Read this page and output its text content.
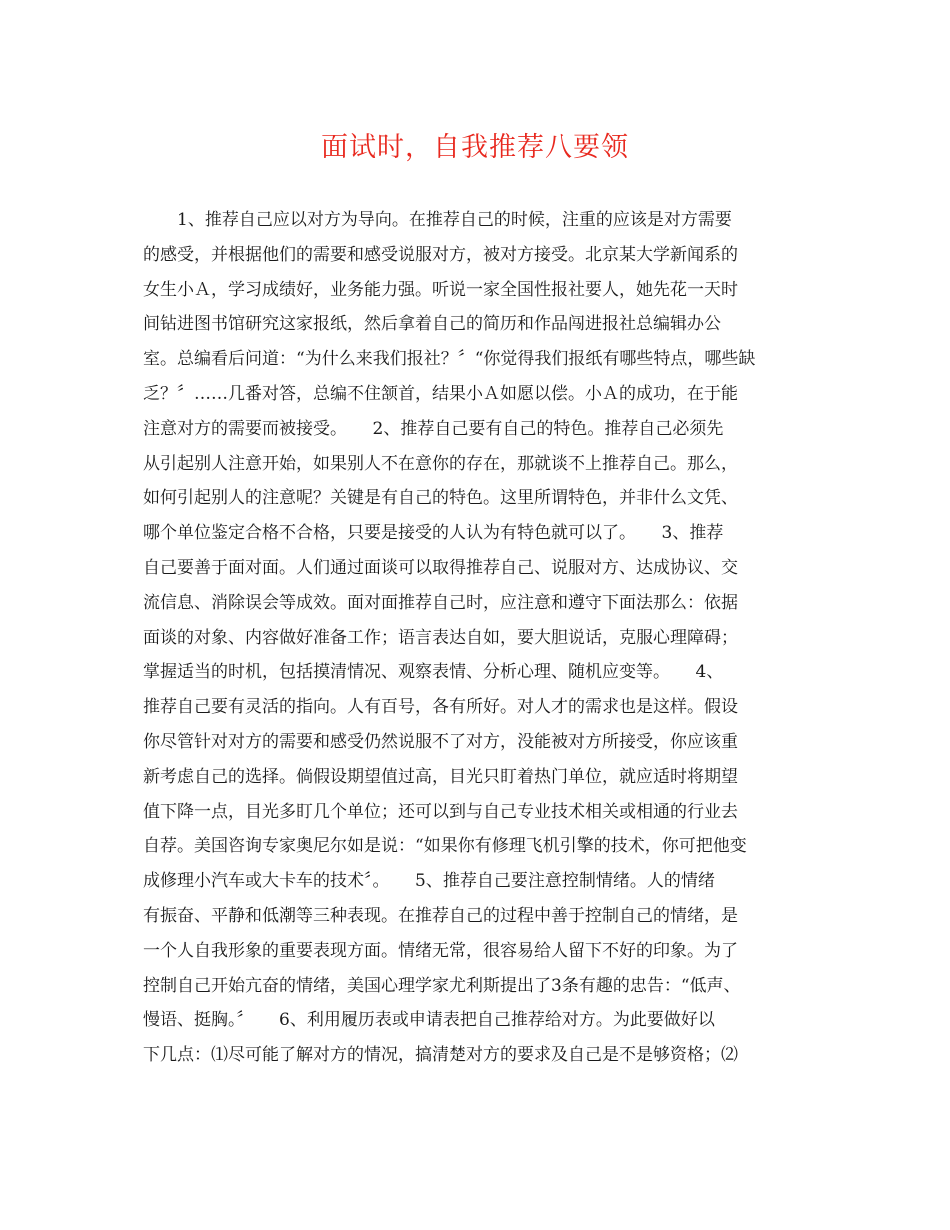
面试时，自我推荐八要领
1、推荐自己应以对方为导向。在推荐自己的时候，注重的应该是对方需要
的感受，并根据他们的需要和感受说服对方，被对方接受。北京某大学新闻系的
女生小Ａ，学习成绩好，业务能力强。听说一家全国性报社要人，她先花一天时
间钻进图书馆研究这家报纸，然后拿着自己的简历和作品闯进报社总编辑办公
室。总编看后问道：“为什么来我们报社？〞“你觉得我们报纸有哪些特点，哪些缺
乏？〞……几番对答，总编不住颔首，结果小Ａ如愿以偿。小Ａ的成功，在于能
注意对方的需要而被接受。　　2、推荐自己要有自己的特色。推荐自己必须先
从引起别人注意开始，如果别人不在意你的存在，那就谈不上推荐自己。那么，
如何引起别人的注意呢？关键是有自己的特色。这里所谓特色，并非什么文凭、
哪个单位鉴定合格不合格，只要是接受的人认为有特色就可以了。　　3、推荐
自己要善于面对面。人们通过面谈可以取得推荐自己、说服对方、达成协议、交
流信息、消除误会等成效。面对面推荐自己时，应注意和遵守下面法那么：依据
面谈的对象、内容做好准备工作；语言表达自如，要大胆说话，克服心理障碍；
掌握适当的时机，包括摸清情况、观察表情、分析心理、随机应变等。　　4、
推荐自己要有灵活的指向。人有百号，各有所好。对人才的需求也是这样。假设
你尽管针对对方的需要和感受仍然说服不了对方，没能被对方所接受，你应该重
新考虑自己的选择。倘假设期望值过高，目光只盯着热门单位，就应适时将期望
值下降一点，目光多盯几个单位；还可以到与自己专业技术相关或相通的行业去
自荐。美国咨询专家奥尼尔如是说：“如果你有修理飞机引擎的技术，你可把他变
成修理小汽车或大卡车的技术〞。　　5、推荐自己要注意控制情绪。人的情绪
有振奋、平静和低潮等三种表现。在推荐自己的过程中善于控制自己的情绪，是
一个人自我形象的重要表现方面。情绪无常，很容易给人留下不好的印象。为了
控制自己开始亢奋的情绪，美国心理学家尤利斯提出了3条有趣的忠告：“低声、
慢语、挺胸。〞　　6、利用履历表或申请表把自己推荐给对方。为此要做好以
下几点：⑴尽可能了解对方的情况，搞清楚对方的要求及自己是不是够资格；⑵
